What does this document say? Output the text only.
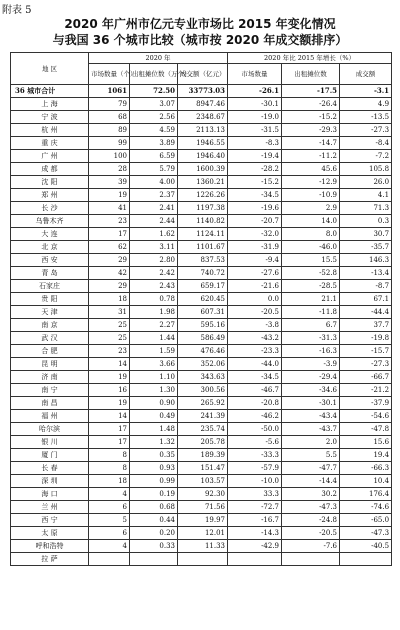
附表 5
2020 年广州市亿元专业市场比 2015 年变化情况
与我国 36 个城市比较（城市按 2020 年成交额排序）
地 区	2020 年			2020 年比 2015 年增长（%）		
	市场数量（个）	出租摊位数（万个）	成交额（亿元）	市场数量	出租摊位数	成交额
36 城市合计	1061	72.50	33773.03	-26.1	-17.5	-3.1
上 海	79	3.07	8947.46	-30.1	-26.4	4.9
宁 波	68	2.56	2348.67	-19.0	-15.2	-13.5
杭 州	89	4.59	2113.13	-31.5	-29.3	-27.3
重 庆	99	3.89	1946.55	-8.3	-14.7	-8.4
广 州	100	6.59	1946.40	-19.4	-11.2	-7.2
成 都	28	5.79	1600.39	-28.2	45.6	105.8
沈 阳	39	4.00	1360.21	-15.2	-12.9	26.0
郑 州	19	2.37	1226.26	-34.5	-10.9	4.1
长 沙	41	2.41	1197.38	-19.6	2.9	71.3
乌鲁木齐	23	2.44	1140.82	-20.7	14.0	0.3
大 连	17	1.62	1124.11	-32.0	8.0	30.7
北 京	62	3.11	1101.67	-31.9	-46.0	-35.7
西 安	29	2.80	837.53	-9.4	15.5	146.3
青 岛	42	2.42	740.72	-27.6	-52.8	-13.4
石家庄	29	2.43	659.17	-21.6	-28.5	-8.7
贵 阳	18	0.78	620.45	0.0	21.1	67.1
天 津	31	1.98	607.31	-20.5	-11.8	-44.4
南 京	25	2.27	595.16	-3.8	6.7	37.7
武 汉	25	1.44	586.49	-43.2	-31.3	-19.8
合 肥	23	1.59	476.46	-23.3	-16.3	-15.7
昆 明	14	3.66	352.06	-44.0	-3.9	-27.3
济 南	19	1.10	343.63	-34.5	-29.4	-66.7
南 宁	16	1.30	300.56	-46.7	-34.6	-21.2
南 昌	19	0.90	265.92	-20.8	-30.1	-37.9
福 州	14	0.49	241.39	-46.2	-43.4	-54.6
哈尔滨	17	1.48	235.74	-50.0	-43.7	-47.8
银 川	17	1.32	205.78	-5.6	2.0	15.6
厦 门	8	0.35	189.39	-33.3	5.5	19.4
长 春	8	0.93	151.47	-57.9	-47.7	-66.3
深 圳	18	0.99	103.57	-10.0	-14.4	10.4
海 口	4	0.19	92.30	33.3	30.2	176.4
兰 州	6	0.68	71.56	-72.7	-47.3	-74.6
西 宁	5	0.44	19.97	-16.7	-24.8	-65.0
太 原	6	0.20	12.01	-14.3	-20.5	-47.3
呼和浩特	4	0.33	11.33	-42.9	-7.6	-40.5
拉 萨						
